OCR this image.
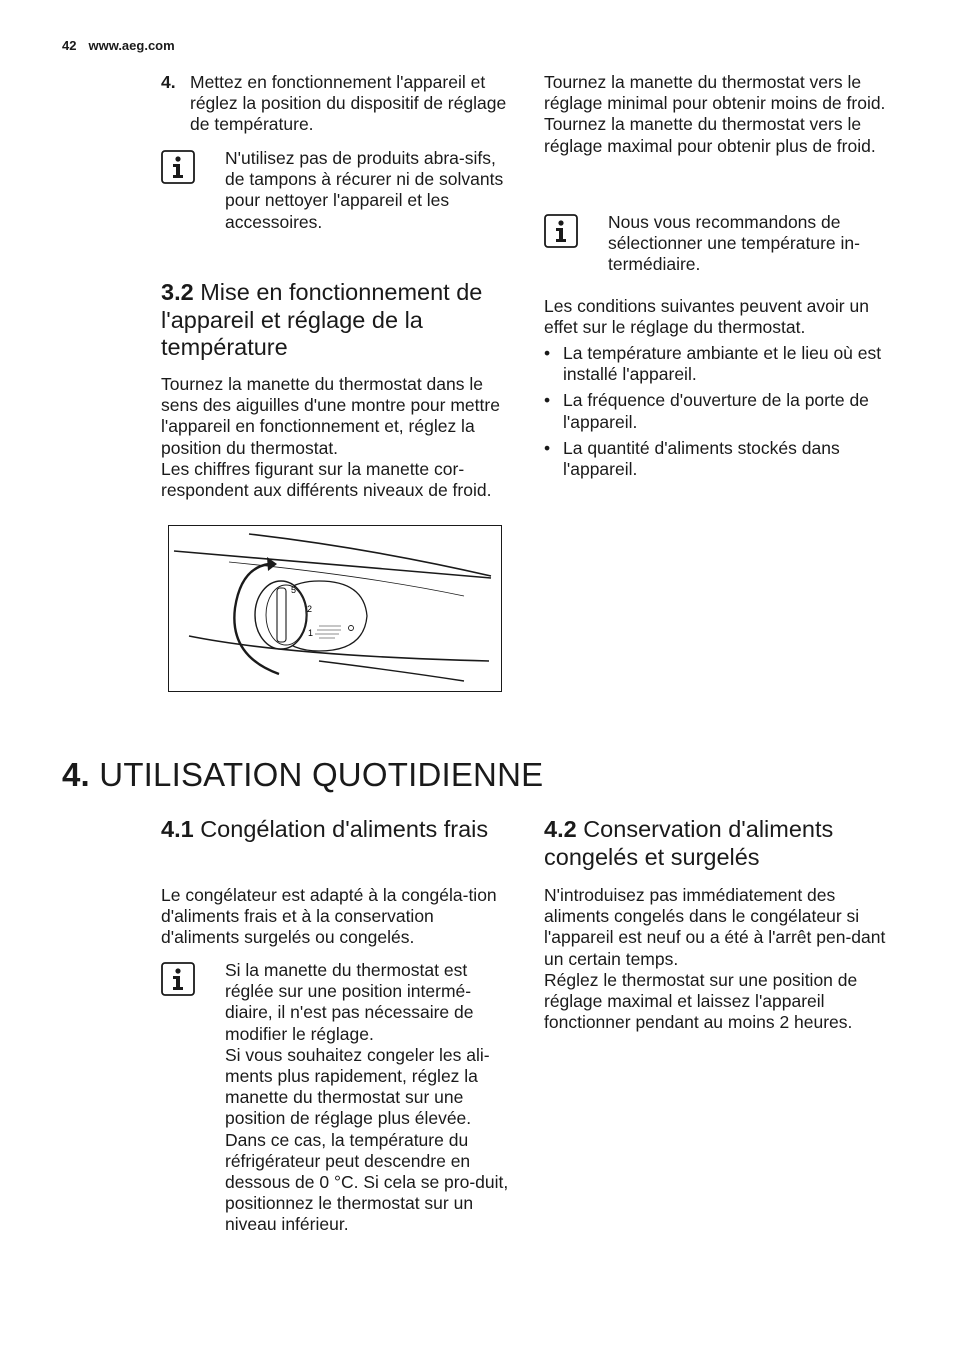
42 www.aeg.com
4. Mettez en fonctionnement l'appareil et réglez la position du dispositif de réglage de température.
N'utilisez pas de produits abra-sifs, de tampons à récurer ni de solvants pour nettoyer l'appareil et les accessoires.
3.2 Mise en fonctionnement de l'appareil et réglage de la température
Tournez la manette du thermostat dans le sens des aiguilles d'une montre pour mettre l'appareil en fonctionnement et, réglez la position du thermostat.
Les chiffres figurant sur la manette cor-respondent aux différents niveaux de froid.
5
2
1
Tournez la manette du thermostat vers le réglage minimal pour obtenir moins de froid.
Tournez la manette du thermostat vers le réglage maximal pour obtenir plus de froid.
Nous vous recommandons de sélectionner une température in-termédiaire.
Les conditions suivantes peuvent avoir un effet sur le réglage du thermostat.
• La température ambiante et le lieu où est installé l'appareil.
• La fréquence d'ouverture de la porte de l'appareil.
• La quantité d'aliments stockés dans l'appareil.
4. UTILISATION QUOTIDIENNE
4.1 Congélation d'aliments frais
Le congélateur est adapté à la congéla-tion d'aliments frais et à la conservation d'aliments surgelés ou congelés.
Si la manette du thermostat est réglée sur une position intermé-diaire, il n'est pas nécessaire de modifier le réglage.
Si vous souhaitez congeler les ali-ments plus rapidement, réglez la manette du thermostat sur une position de réglage plus élevée. Dans ce cas, la température du réfrigérateur peut descendre en dessous de 0 °C. Si cela se pro-duit, positionnez le thermostat sur un niveau inférieur.
4.2 Conservation d'aliments congelés et surgelés
N'introduisez pas immédiatement des aliments congelés dans le congélateur si l'appareil est neuf ou a été à l'arrêt pen-dant un certain temps.
Réglez le thermostat sur une position de réglage maximal et laissez l'appareil fonctionner pendant au moins 2 heures.
